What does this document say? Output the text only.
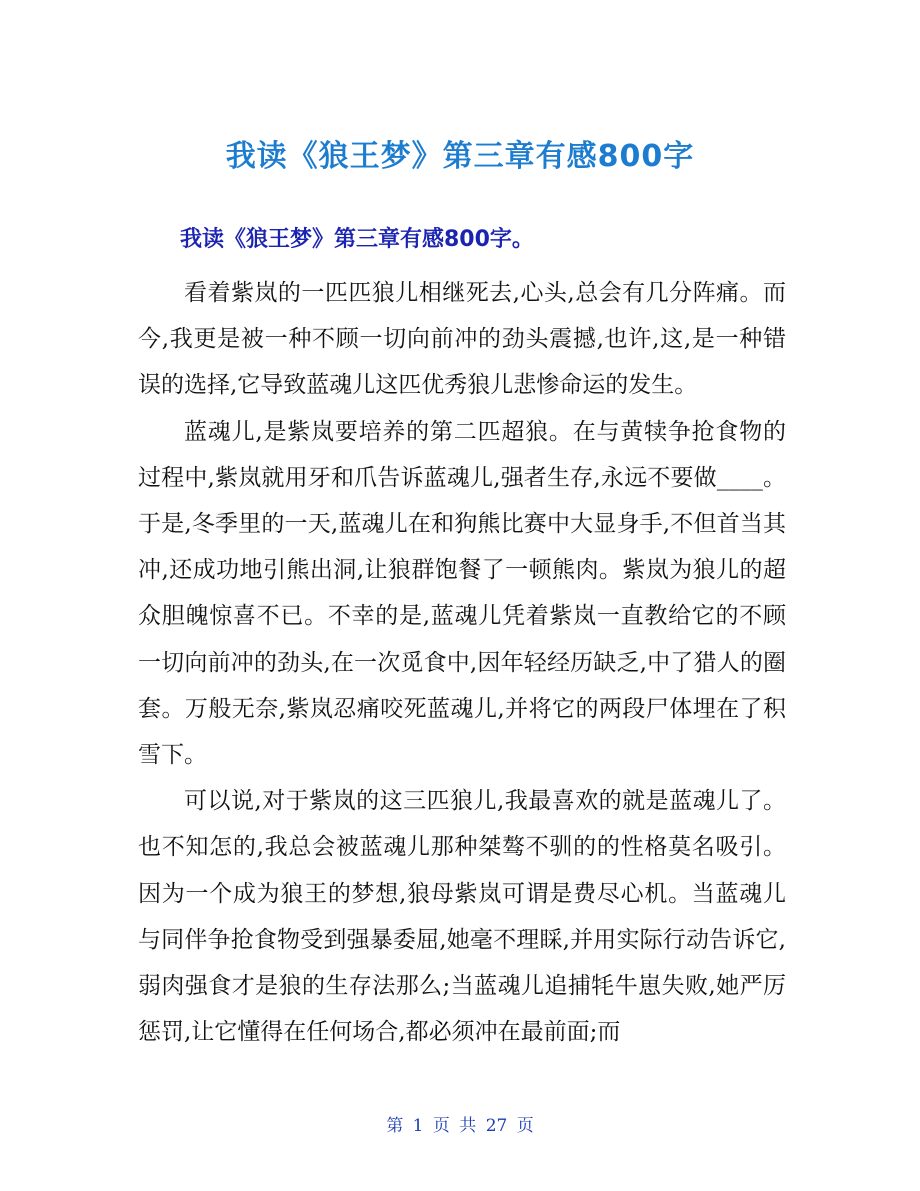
我读《狼王梦》第三章有感800字
我读《狼王梦》第三章有感800字。

看着紫岚的一匹匹狼儿相继死去,心头,总会有几分阵痛。而今,我更是被一种不顾一切向前冲的劲头震撼,也许,这,是一种错误的选择,它导致蓝魂儿这匹优秀狼儿悲惨命运的发生。

蓝魂儿,是紫岚要培养的第二匹超狼。在与黄犊争抢食物的过程中,紫岚就用牙和爪告诉蓝魂儿,强者生存,永远不要做____。于是,冬季里的一天,蓝魂儿在和狗熊比赛中大显身手,不但首当其冲,还成功地引熊出洞,让狼群饱餐了一顿熊肉。紫岚为狼儿的超众胆魄惊喜不已。不幸的是,蓝魂儿凭着紫岚一直教给它的不顾一切向前冲的劲头,在一次觅食中,因年轻经历缺乏,中了猎人的圈套。万般无奈,紫岚忍痛咬死蓝魂儿,并将它的两段尸体埋在了积雪下。

可以说,对于紫岚的这三匹狼儿,我最喜欢的就是蓝魂儿了。也不知怎的,我总会被蓝魂儿那种桀骜不驯的的性格莫名吸引。因为一个成为狼王的梦想,狼母紫岚可谓是费尽心机。当蓝魂儿与同伴争抢食物受到强暴委屈,她毫不理睬,并用实际行动告诉它,弱肉强食才是狼的生存法那么;当蓝魂儿追捕牦牛崽失败,她严厉惩罚,让它懂得在任何场合,都必须冲在最前面;而

第 1 页 共 27 页
